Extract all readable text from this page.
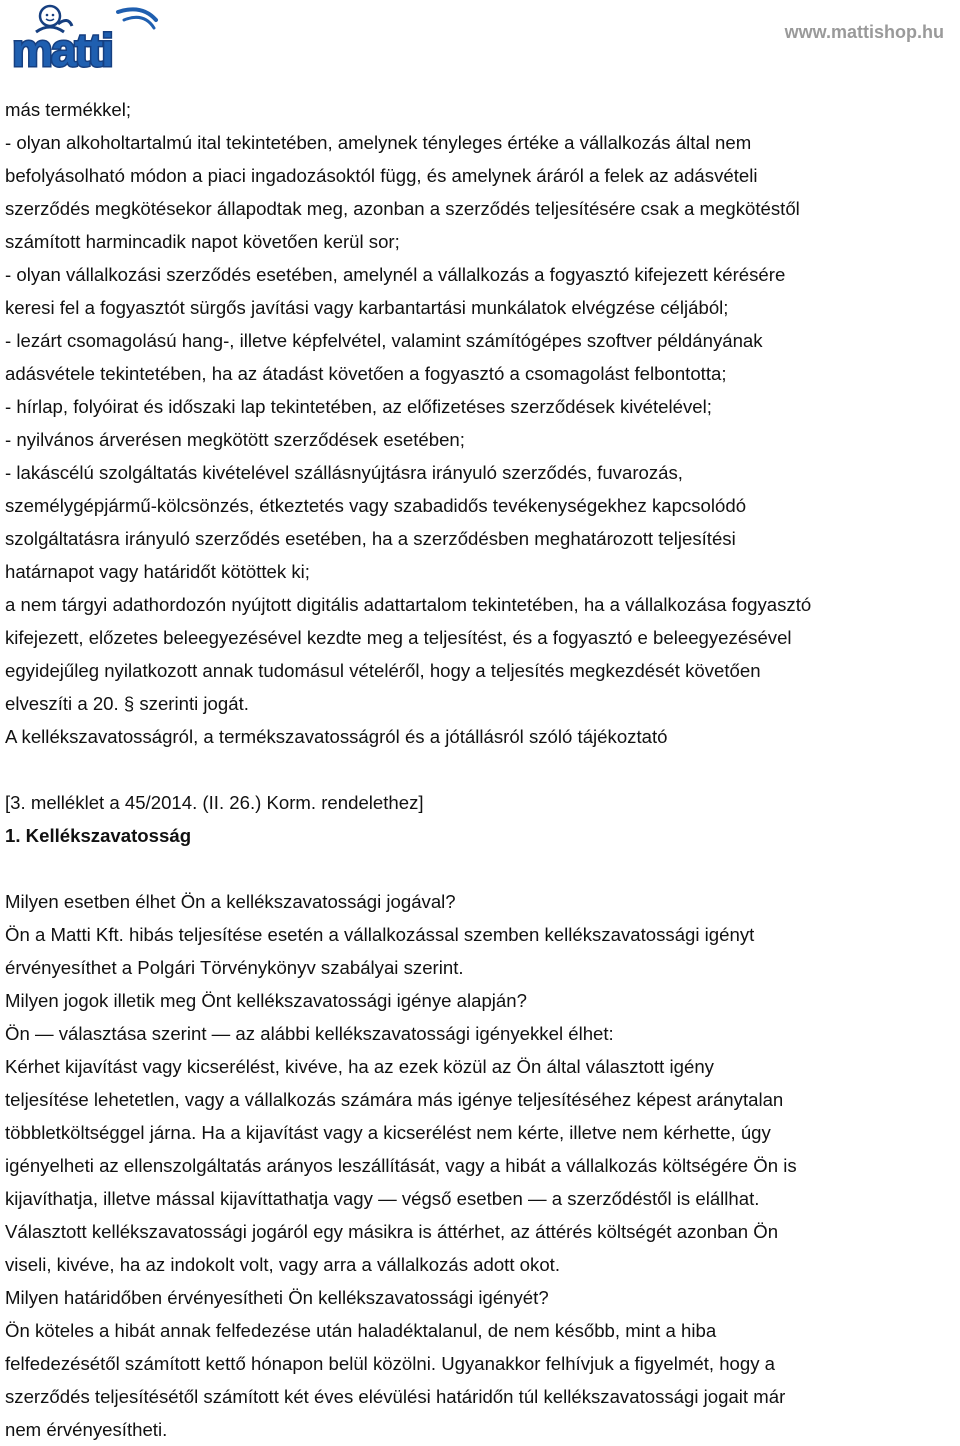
matti	www.mattishop.hu
más termékkel;
- olyan alkoholtartalmú ital tekintetében, amelynek tényleges értéke a vállalkozás által nem
befolyásolható módon a piaci ingadozásoktól függ, és amelynek áráról a felek az adásvételi
szerződés megkötésekor állapodtak meg, azonban a szerződés teljesítésére csak a megkötéstől
számított harmincadik napot követően kerül sor;
- olyan vállalkozási szerződés esetében, amelynél a vállalkozás a fogyasztó kifejezett kérésére
keresi fel a fogyasztót sürgős javítási vagy karbantartási munkálatok elvégzése céljából;
- lezárt csomagolású hang-, illetve képfelvétel, valamint számítógépes szoftver példányának
adásvétele tekintetében, ha az átadást követően a fogyasztó a csomagolást felbontotta;
- hírlap, folyóirat és időszaki lap tekintetében, az előfizetéses szerződések kivételével;
- nyilvános árverésen megkötött szerződések esetében;
- lakáscélú szolgáltatás kivételével szállásnyújtásra irányuló szerződés, fuvarozás,
személygépjármű-kölcsönzés, étkeztetés vagy szabadidős tevékenységekhez kapcsolódó
szolgáltatásra irányuló szerződés esetében, ha a szerződésben meghatározott teljesítési
határnapot vagy határidőt kötöttek ki;
a nem tárgyi adathordozón nyújtott digitális adattartalom tekintetében, ha a vállalkozása fogyasztó
kifejezett, előzetes beleegyezésével kezdte meg a teljesítést, és a fogyasztó e beleegyezésével
egyidejűleg nyilatkozott annak tudomásul vételéről, hogy a teljesítés megkezdését követően
elveszíti a 20. § szerinti jogát.
A kellékszavatosságról, a termékszavatosságról és a jótállásról szóló tájékoztató
[3. melléklet a 45/2014. (II. 26.) Korm. rendelethez]
1. Kellékszavatosság
Milyen esetben élhet Ön a kellékszavatossági jogával?
Ön a Matti Kft. hibás teljesítése esetén a vállalkozással szemben kellékszavatossági igényt
érvényesíthet a Polgári Törvénykönyv szabályai szerint.
Milyen jogok illetik meg Önt kellékszavatossági igénye alapján?
Ön — választása szerint — az alábbi kellékszavatossági igényekkel élhet:
Kérhet kijavítást vagy kicserélést, kivéve, ha az ezek közül az Ön által választott igény
teljesítése lehetetlen, vagy a vállalkozás számára más igénye teljesítéséhez képest aránytalan
többletköltséggel járna. Ha a kijavítást vagy a kicserélést nem kérte, illetve nem kérhette, úgy
igényelheti az ellenszolgáltatás arányos leszállítását, vagy a hibát a vállalkozás költségére Ön is
kijavíthatja, illetve mással kijavíttathatja vagy — végső esetben — a szerződéstől is elállhat.
Választott kellékszavatossági jogáról egy másikra is áttérhet, az áttérés költségét azonban Ön
viseli, kivéve, ha az indokolt volt, vagy arra a vállalkozás adott okot.
Milyen határidőben érvényesítheti Ön kellékszavatossági igényét?
Ön köteles a hibát annak felfedezése után haladéktalanul, de nem később, mint a hiba
felfedezésétől számított kettő hónapon belül közölni. Ugyanakkor felhívjuk a figyelmét, hogy a
szerződés teljesítésétől számított két éves elévülési határidőn túl kellékszavatossági jogait már
nem érvényesítheti.
